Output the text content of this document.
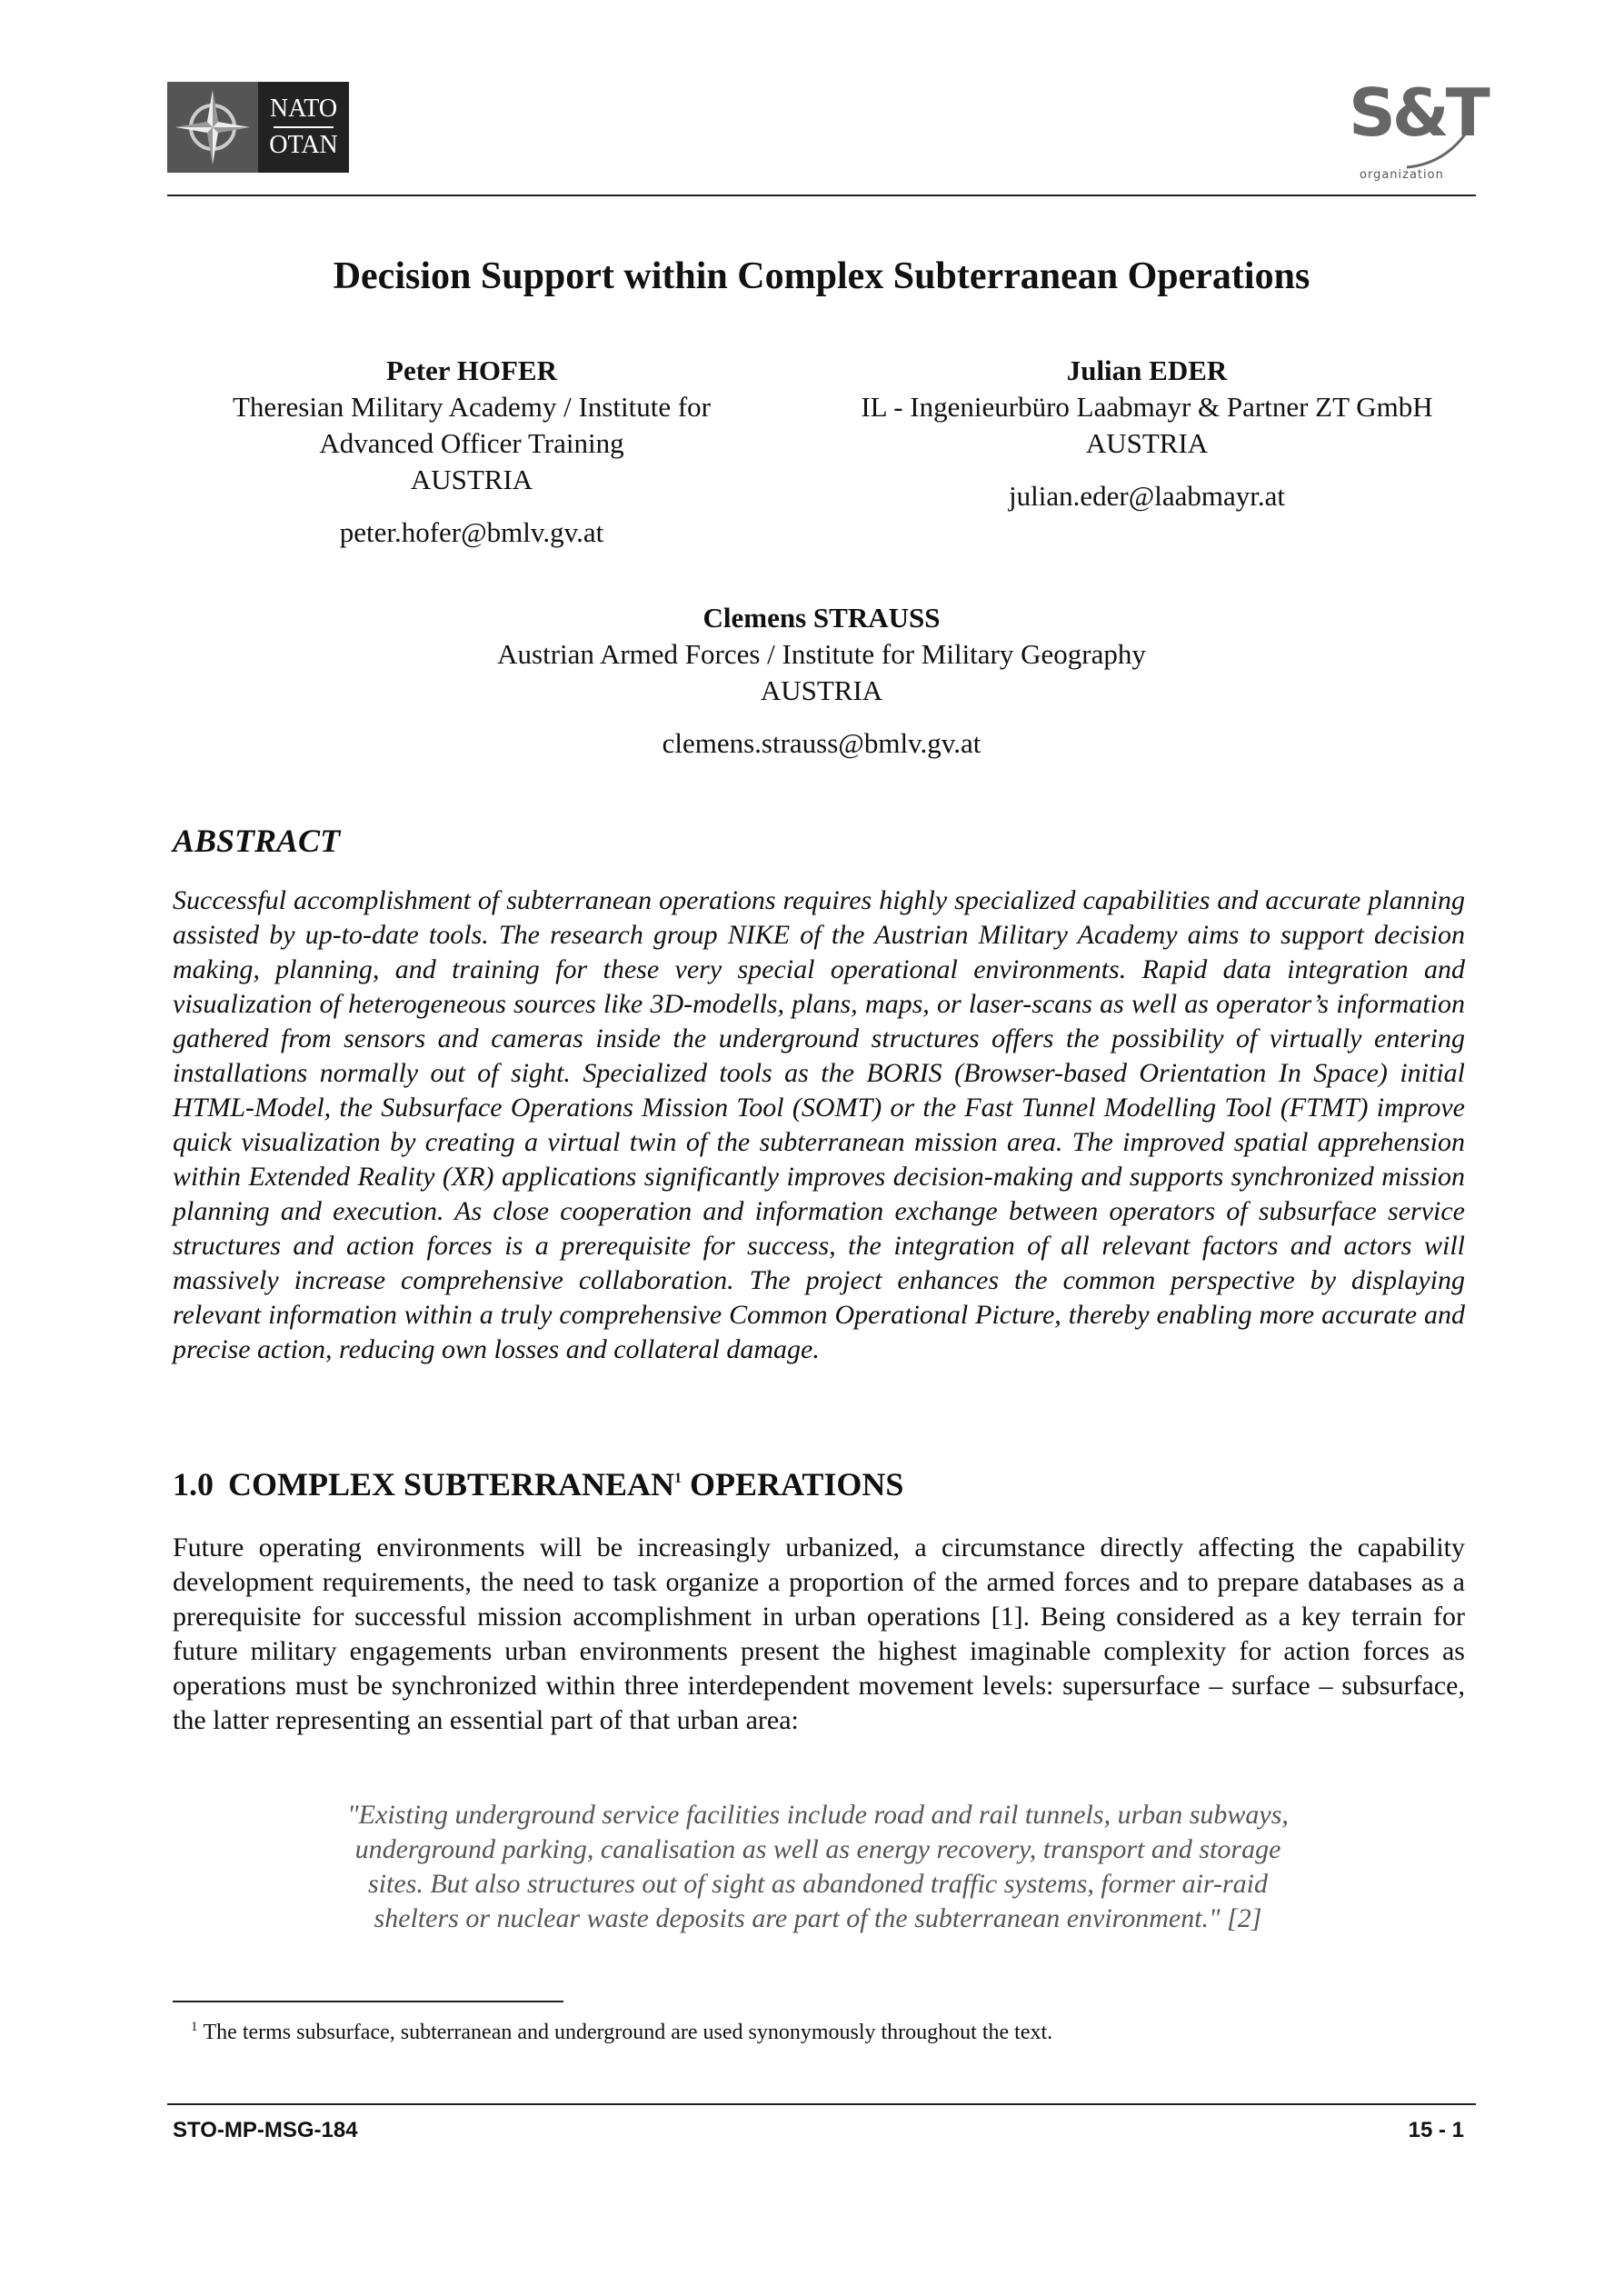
NATO
OTAN	S&T
organization
Decision Support within Complex Subterranean Operations
Peter HOFER
Theresian Military Academy / Institute for
Advanced Officer Training
AUSTRIA
peter.hofer@bmlv.gv.at
Julian EDER
IL - Ingenieurbüro Laabmayr & Partner ZT GmbH
AUSTRIA
julian.eder@laabmayr.at
Clemens STRAUSS
Austrian Armed Forces / Institute for Military Geography
AUSTRIA
clemens.strauss@bmlv.gv.at
ABSTRACT

Successful accomplishment of subterranean operations requires highly specialized capabilities and accurate planning assisted by up-to-date tools. The research group NIKE of the Austrian Military Academy aims to support decision making, planning, and training for these very special operational environments. Rapid data integration and visualization of heterogeneous sources like 3D-modells, plans, maps, or laser-scans as well as operator’s information gathered from sensors and cameras inside the underground structures offers the possibility of virtually entering installations normally out of sight. Specialized tools as the BORIS (Browser-based Orientation In Space) initial HTML-Model, the Subsurface Operations Mission Tool (SOMT) or the Fast Tunnel Modelling Tool (FTMT) improve quick visualization by creating a virtual twin of the subterranean mission area. The improved spatial apprehension within Extended Reality (XR) applications significantly improves decision-making and supports synchronized mission planning and execution. As close cooperation and information exchange between operators of subsurface service structures and action forces is a prerequisite for success, the integration of all relevant factors and actors will massively increase comprehensive collaboration. The project enhances the common perspective by displaying relevant information within a truly comprehensive Common Operational Picture, thereby enabling more accurate and precise action, reducing own losses and collateral damage.

1.0 COMPLEX SUBTERRANEAN$^1$ OPERATIONS

Future operating environments will be increasingly urbanized, a circumstance directly affecting the capability development requirements, the need to task organize a proportion of the armed forces and to prepare databases as a prerequisite for successful mission accomplishment in urban operations [1]. Being considered as a key terrain for future military engagements urban environments present the highest imaginable complexity for action forces as operations must be synchronized within three interdependent movement levels: supersurface – surface – subsurface, the latter representing an essential part of that urban area:

"Existing underground service facilities include road and rail tunnels, urban subways,
underground parking, canalisation as well as energy recovery, transport and storage
sites. But also structures out of sight as abandoned traffic systems, former air-raid
shelters or nuclear waste deposits are part of the subterranean environment." [2]
$^1$ The terms subsurface, subterranean and underground are used synonymously throughout the text.
STO-MP-MSG-184	15 - 1
